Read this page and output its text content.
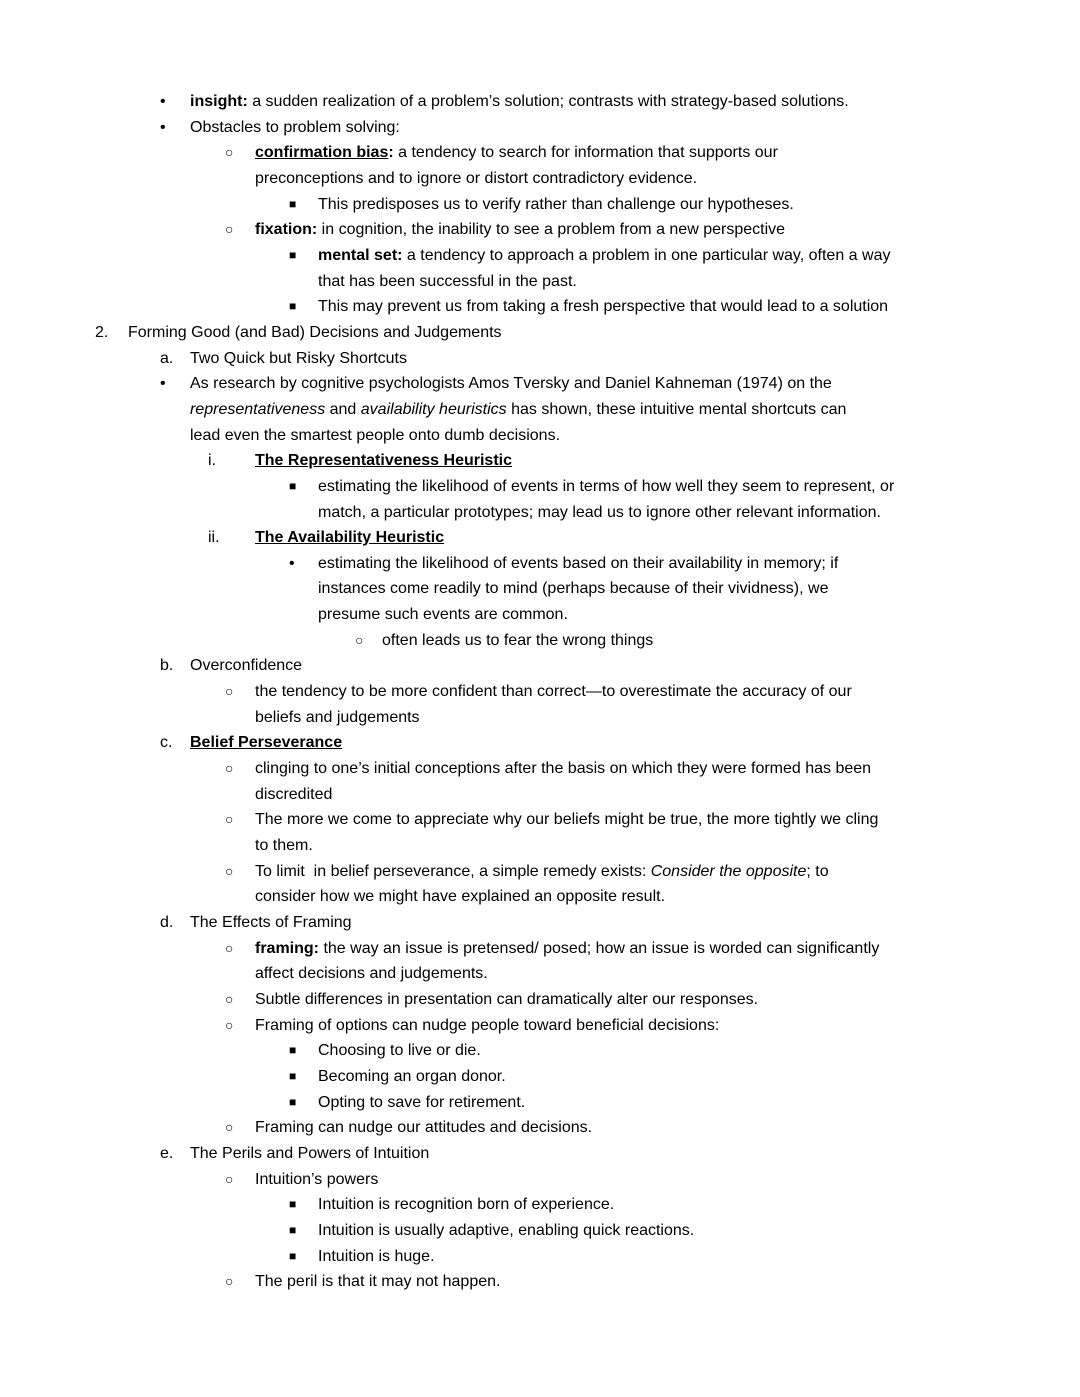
• insight: a sudden realization of a problem’s solution; contrasts with strategy-based solutions.
• Obstacles to problem solving:
○ confirmation bias: a tendency to search for information that supports our
preconceptions and to ignore or distort contradictory evidence.
■ This predisposes us to verify rather than challenge our hypotheses.
○ fixation: in cognition, the inability to see a problem from a new perspective
■ mental set: a tendency to approach a problem in one particular way, often a way
that has been successful in the past.
■ This may prevent us from taking a fresh perspective that would lead to a solution
2. Forming Good (and Bad) Decisions and Judgements
a. Two Quick but Risky Shortcuts
• As research by cognitive psychologists Amos Tversky and Daniel Kahneman (1974) on the
representativeness and availability heuristics has shown, these intuitive mental shortcuts can
lead even the smartest people onto dumb decisions.
i. The Representativeness Heuristic
■ estimating the likelihood of events in terms of how well they seem to represent, or
match, a particular prototypes; may lead us to ignore other relevant information.
ii. The Availability Heuristic
• estimating the likelihood of events based on their availability in memory; if
instances come readily to mind (perhaps because of their vividness), we
presume such events are common.
○ often leads us to fear the wrong things
b. Overconfidence
○ the tendency to be more confident than correct—to overestimate the accuracy of our
beliefs and judgements
c. Belief Perseverance
○ clinging to one’s initial conceptions after the basis on which they were formed has been
discredited
○ The more we come to appreciate why our beliefs might be true, the more tightly we cling
to them.
○ To limit  in belief perseverance, a simple remedy exists: Consider the opposite; to
consider how we might have explained an opposite result.
d. The Effects of Framing
○ framing: the way an issue is pretensed/ posed; how an issue is worded can significantly
affect decisions and judgements.
○ Subtle differences in presentation can dramatically alter our responses.
○ Framing of options can nudge people toward beneficial decisions:
■ Choosing to live or die.
■ Becoming an organ donor.
■ Opting to save for retirement.
○ Framing can nudge our attitudes and decisions.
e. The Perils and Powers of Intuition
○ Intuition’s powers
■ Intuition is recognition born of experience.
■ Intuition is usually adaptive, enabling quick reactions.
■ Intuition is huge.
○ The peril is that it may not happen.
